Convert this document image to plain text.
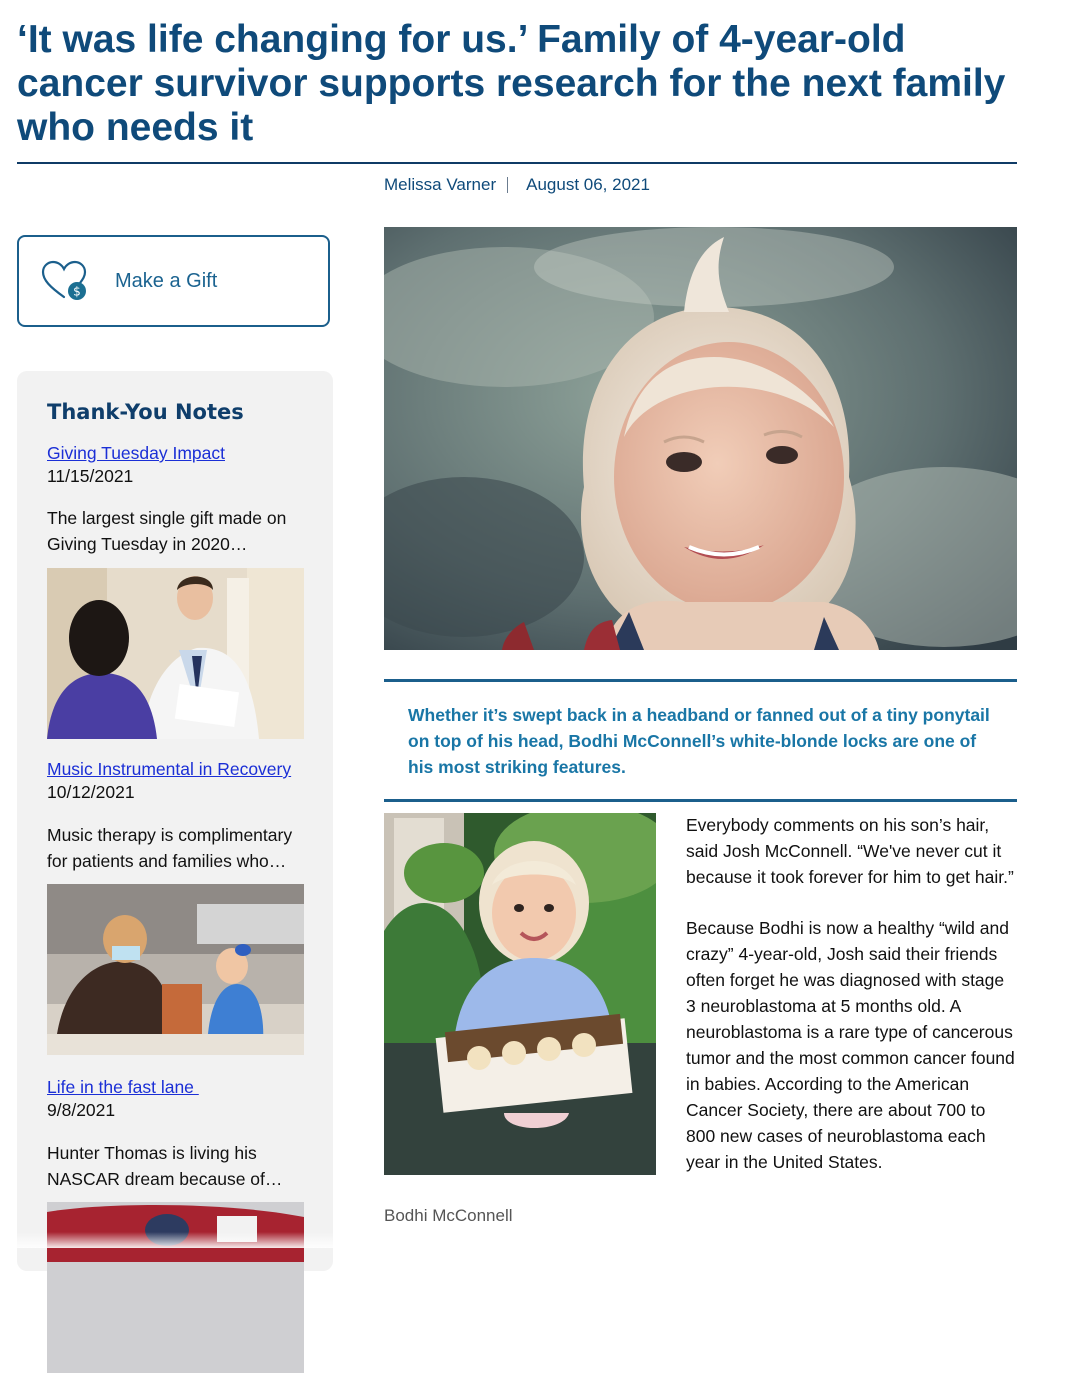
‘It was life changing for us.’ Family of 4-year-old cancer survivor supports research for the next family who needs it
Melissa Varner August 06, 2021
$ Make a Gift
Thank-You Notes
Giving Tuesday Impact
11/15/2021
The largest single gift made on Giving Tuesday in 2020…
Music Instrumental in Recovery
10/12/2021
Music therapy is complimentary for patients and families who…
Life in the fast lane
9/8/2021
Hunter Thomas is living his NASCAR dream because of…

Whether it’s swept back in a headband or fanned out of a tiny ponytail on top of his head, Bodhi McConnell’s white-blonde locks are one of his most striking features.

Bodhi McConnell

Everybody comments on his son’s hair, said Josh McConnell. “We've never cut it because it took forever for him to get hair.”

Because Bodhi is now a healthy “wild and crazy” 4-year-old, Josh said their friends often forget he was diagnosed with stage 3 neuroblastoma at 5 months old. A neuroblastoma is a rare type of cancerous tumor and the most common cancer found in babies. According to the American Cancer Society, there are about 700 to 800 new cases of neuroblastoma each year in the United States.
